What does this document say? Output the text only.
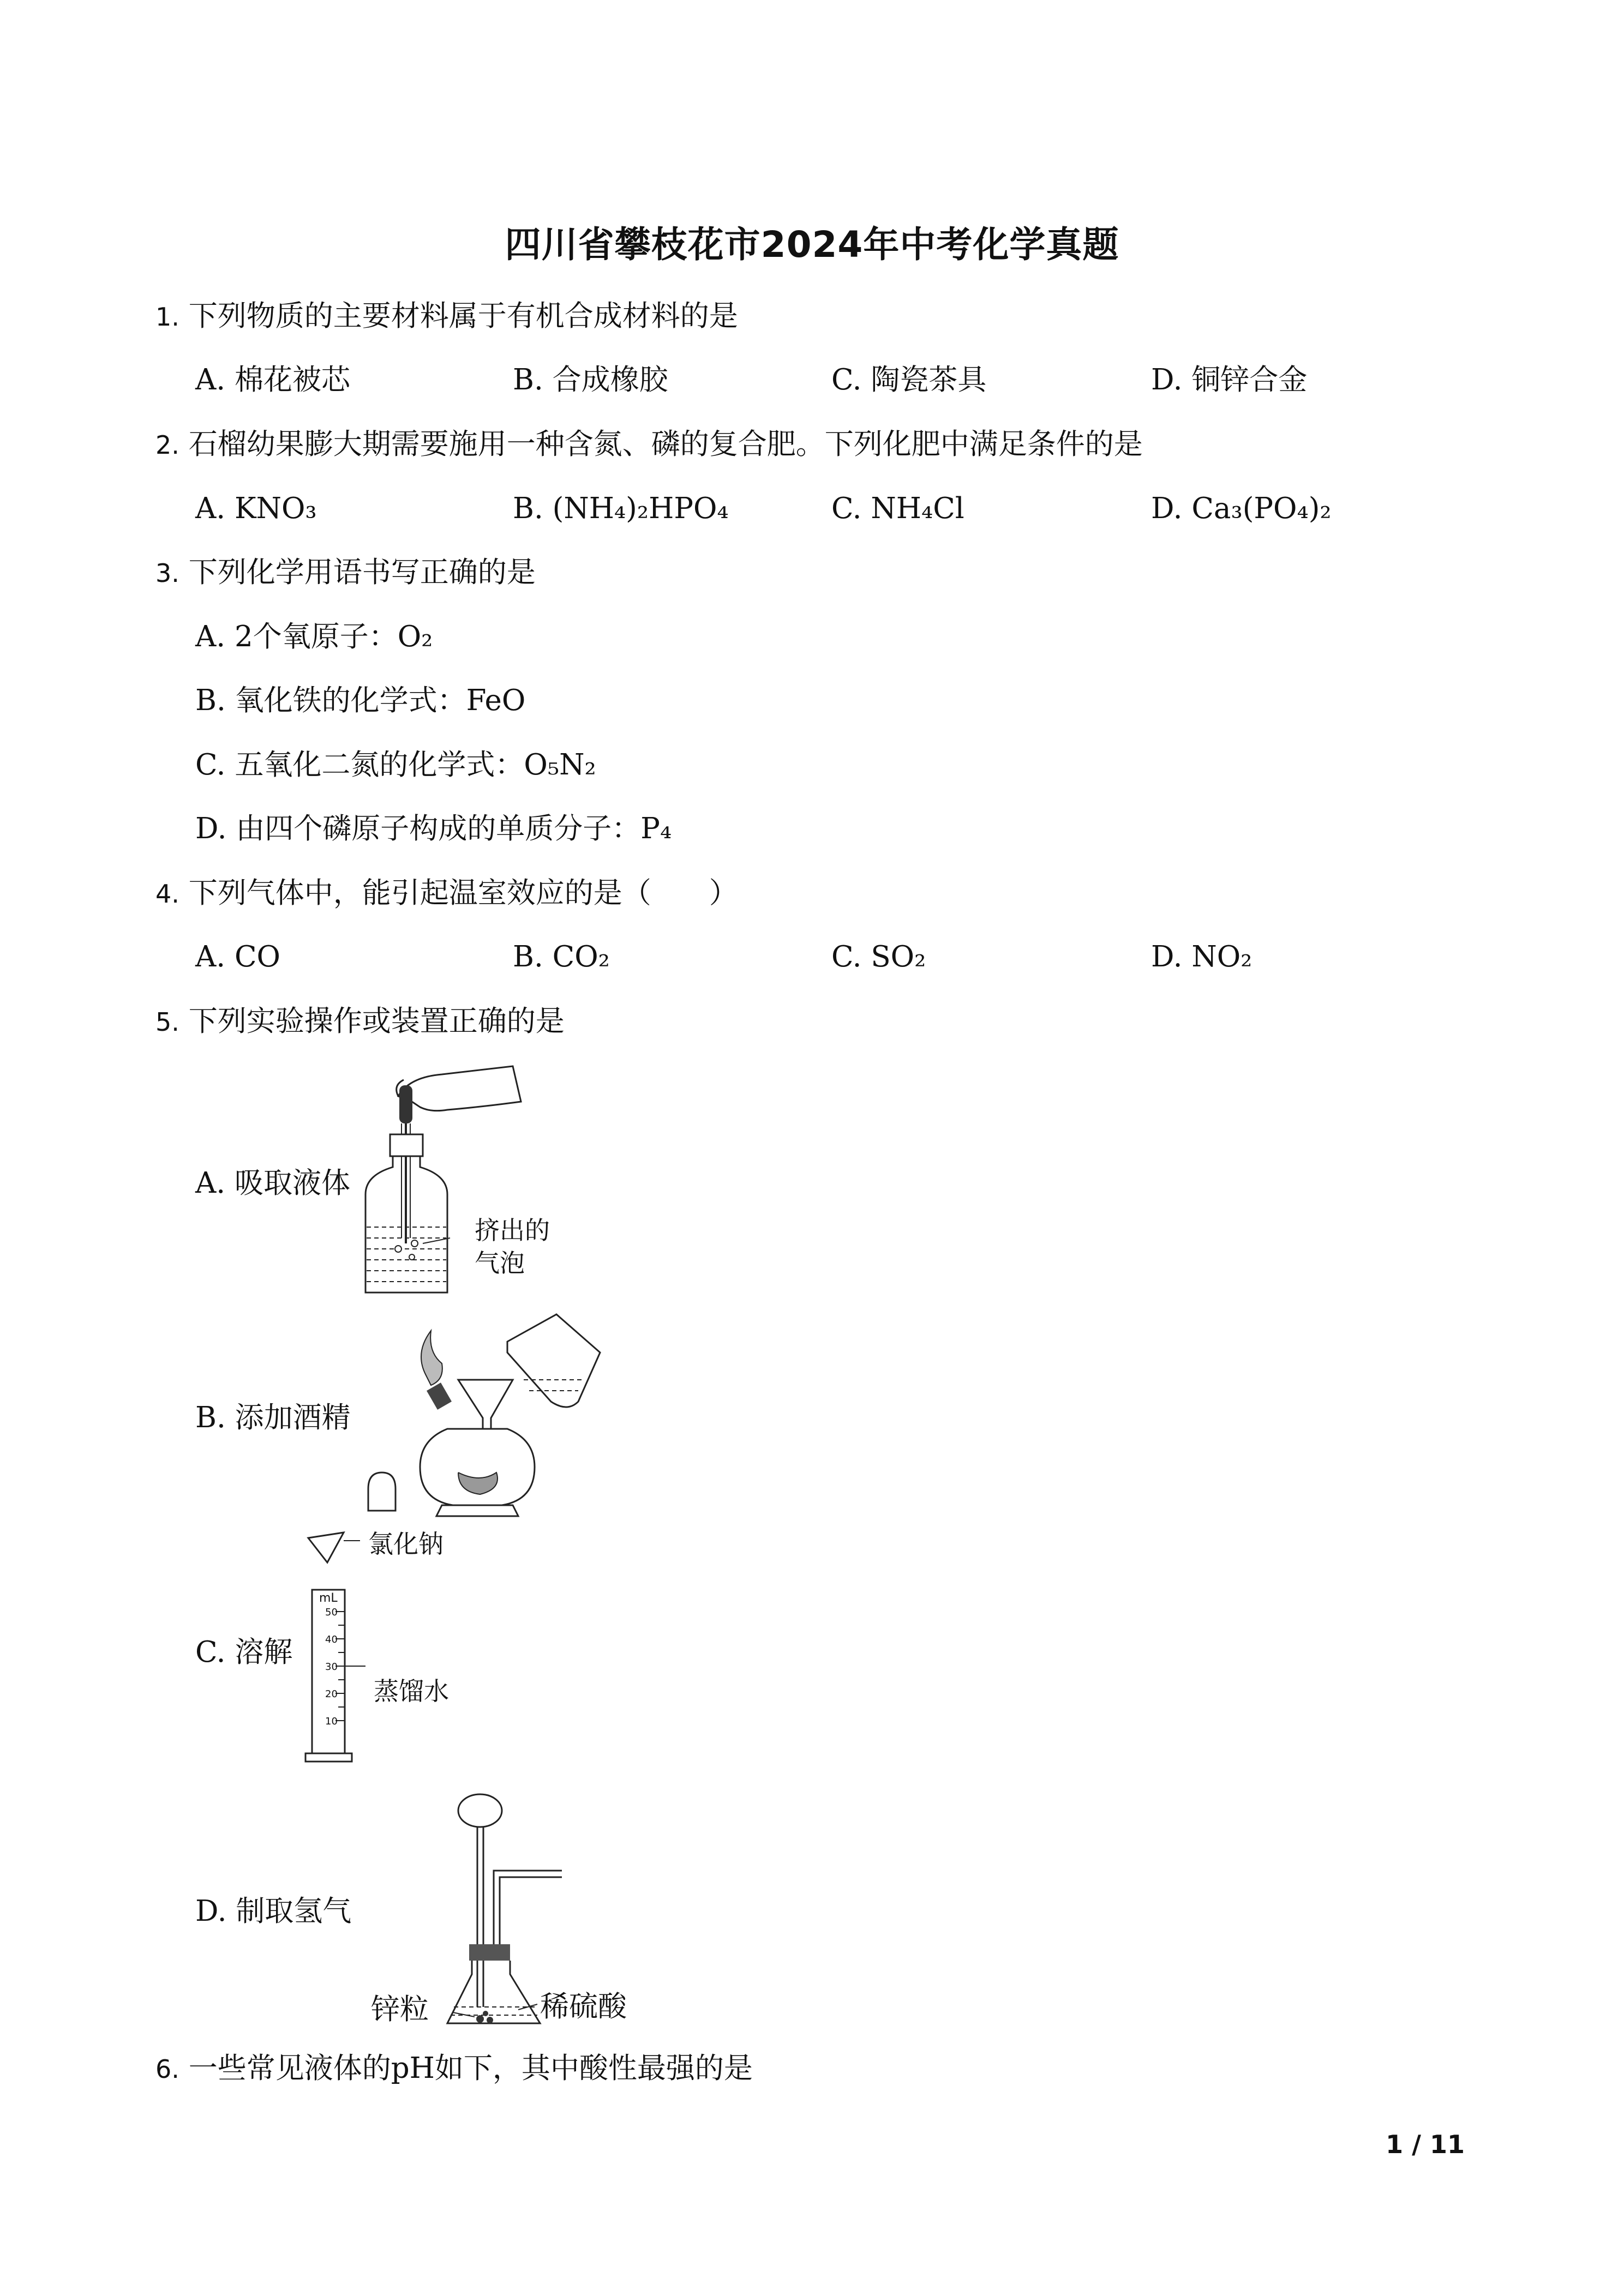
四川省攀枝花市2024年中考化学真题
1. 下列物质的主要材料属于有机合成材料的是
A. 棉花被芯	B. 合成橡胶	C. 陶瓷茶具	D. 铜锌合金
2. 石榴幼果膨大期需要施用一种含氮、磷的复合肥。下列化肥中满足条件的是
A. KNO₃	B. (NH₄)₂HPO₄	C. NH₄Cl	D. Ca₃(PO₄)₂
3. 下列化学用语书写正确的是
A. 2个氧原子：O₂
B. 氧化铁的化学式：FeO
C. 五氧化二氮的化学式：O₅N₂
D. 由四个磷原子构成的单质分子：P₄
4. 下列气体中，能引起温室效应的是（　　）
A. CO	B. CO₂	C. SO₂	D. NO₂
5. 下列实验操作或装置正确的是
A. 吸取液体
挤出的
气泡
B. 添加酒精
C. 溶解
mL
50
40
30
20
10
氯化钠
蒸馏水
D. 制取氢气
锌粒	稀硫酸
6. 一些常见液体的pH如下，其中酸性最强的是
1 / 11
